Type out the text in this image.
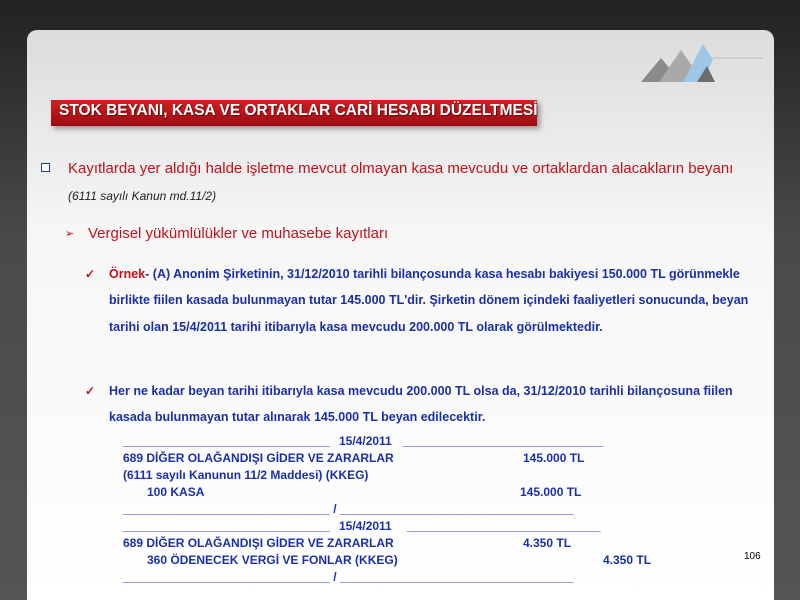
STOK BEYANI, KASA VE ORTAKLAR CARİ HESABI DÜZELTMESİ
Kayıtlarda yer aldığı halde işletme mevcut olmayan kasa mevcudu ve ortaklardan alacakların beyanı (6111 sayılı Kanun md.11/2)
➢ Vergisel yükümlülükler ve muhasebe kayıtları
✓ Örnek- (A) Anonim Şirketinin, 31/12/2010 tarihli bilançosunda kasa hesabı bakiyesi 150.000 TL görünmekle birlikte fiilen kasada bulunmayan tutar 145.000 TL'dir. Şirketin dönem içindeki faaliyetleri sonucunda, beyan tarihi olan 15/4/2011 tarihi itibarıyla kasa mevcudu 200.000 TL olarak görülmektedir.
✓ Her ne kadar beyan tarihi itibarıyla kasa mevcudu 200.000 TL olsa da, 31/12/2010 tarihli bilançosuna fiilen kasada bulunmayan tutar alınarak 145.000 TL beyan edilecektir.
_______________________________ 15/4/2011 ______________________________
689 DİĞER OLAĞANDIŞI GİDER VE ZARARLAR	145.000 TL
(6111 sayılı Kanunun 11/2 Maddesi) (KKEG)
100 KASA	145.000 TL
_______________________________ / ___________________________________
_______________________________ 15/4/2011 _____________________________
689 DİĞER OLAĞANDIŞI GİDER VE ZARARLAR	4.350 TL
360 ÖDENECEK VERGİ VE FONLAR (KKEG)	4.350 TL
_______________________________ / ___________________________________
106
